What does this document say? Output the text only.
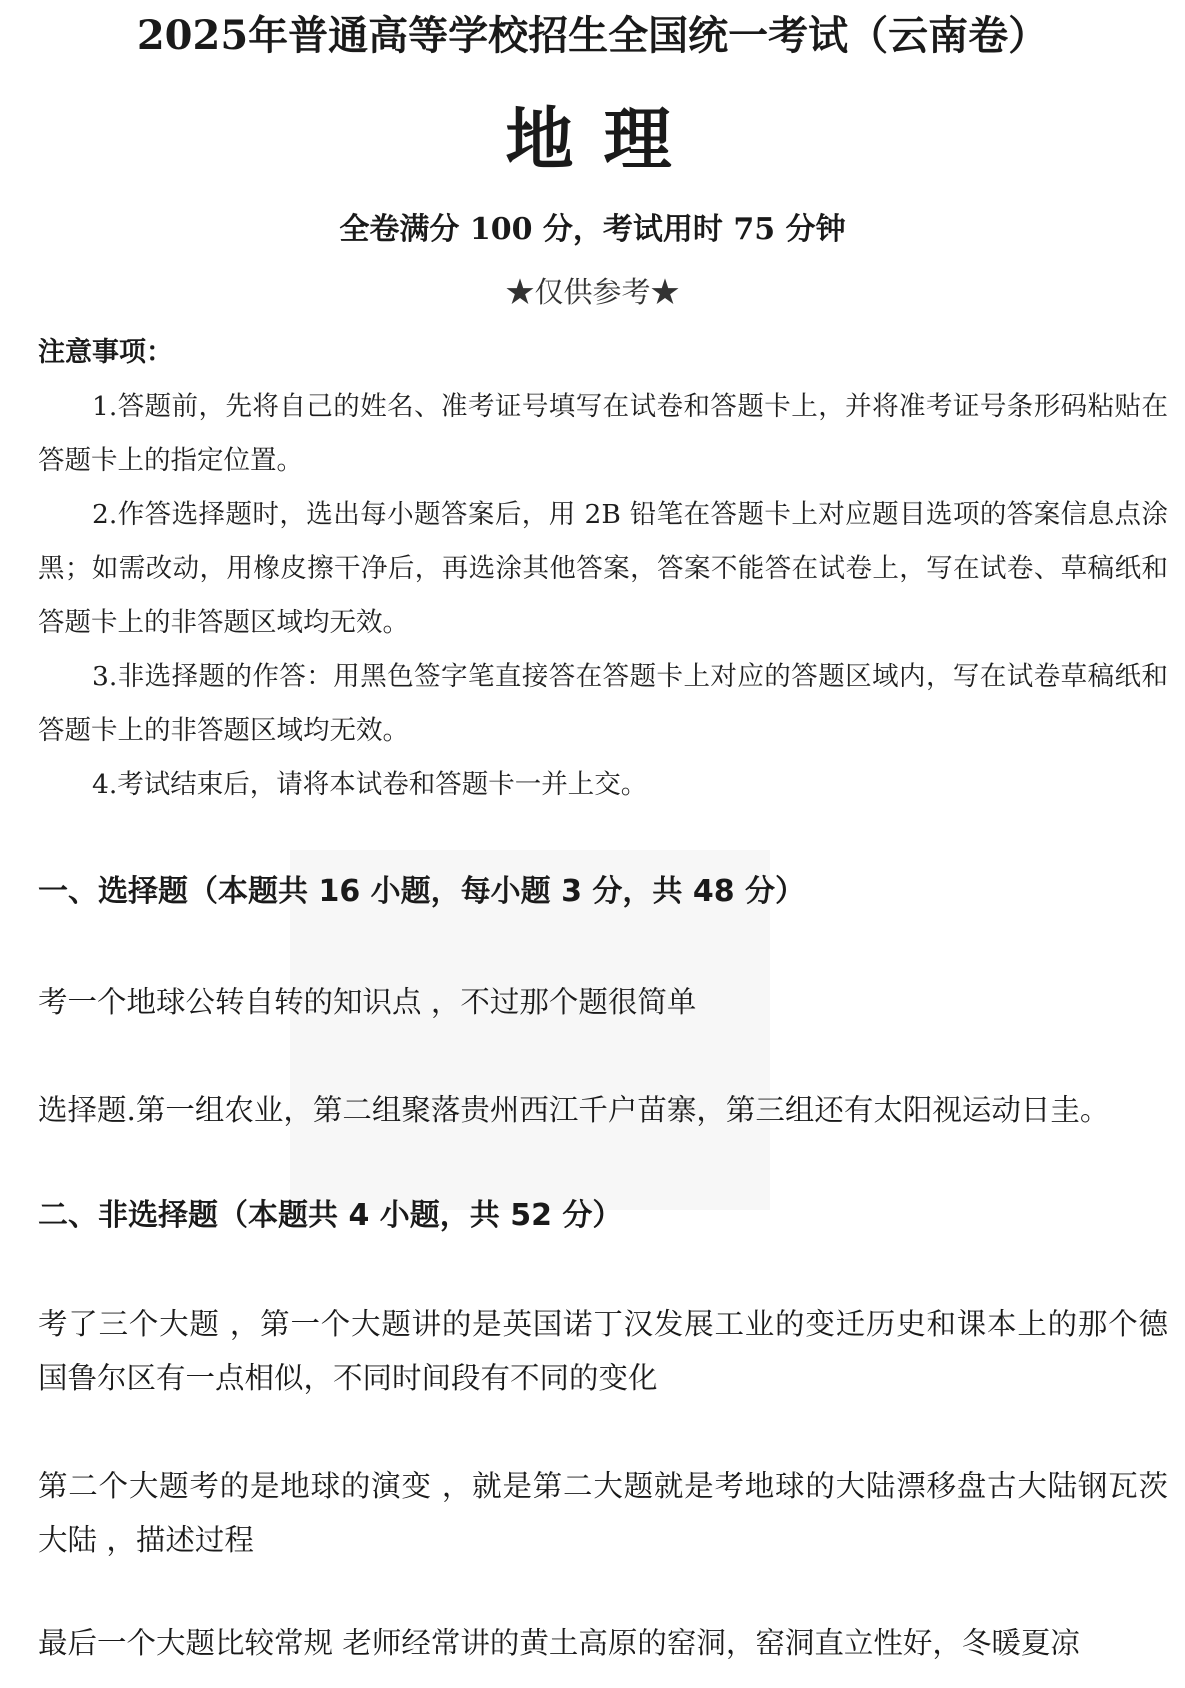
2025年普通高等学校招生全国统一考试（云南卷）
地理
全卷满分 100 分，考试用时 75 分钟
★仅供参考★
注意事项：
1.答题前，先将自己的姓名、准考证号填写在试卷和答题卡上，并将准考证号条形码粘贴在答题卡上的指定位置。
2.作答选择题时，选出每小题答案后，用 2B 铅笔在答题卡上对应题目选项的答案信息点涂黑；如需改动，用橡皮擦干净后，再选涂其他答案，答案不能答在试卷上，写在试卷、草稿纸和答题卡上的非答题区域均无效。
3.非选择题的作答：用黑色签字笔直接答在答题卡上对应的答题区域内，写在试卷草稿纸和答题卡上的非答题区域均无效。
4.考试结束后，请将本试卷和答题卡一并上交。
一、选择题（本题共 16 小题，每小题 3 分，共 48 分）
考一个地球公转自转的知识点 ，不过那个题很简单
选择题.第一组农业，第二组聚落贵州西江千户苗寨，第三组还有太阳视运动日圭。
二、非选择题（本题共 4 小题，共 52 分）
考了三个大题 ，第一个大题讲的是英国诺丁汉发展工业的变迁历史和课本上的那个德国鲁尔区有一点相似，不同时间段有不同的变化
第二个大题考的是地球的演变 ，就是第二大题就是考地球的大陆漂移盘古大陆钢瓦茨大陆 ，描述过程
最后一个大题比较常规 老师经常讲的黄土高原的窑洞，窑洞直立性好，冬暖夏凉
